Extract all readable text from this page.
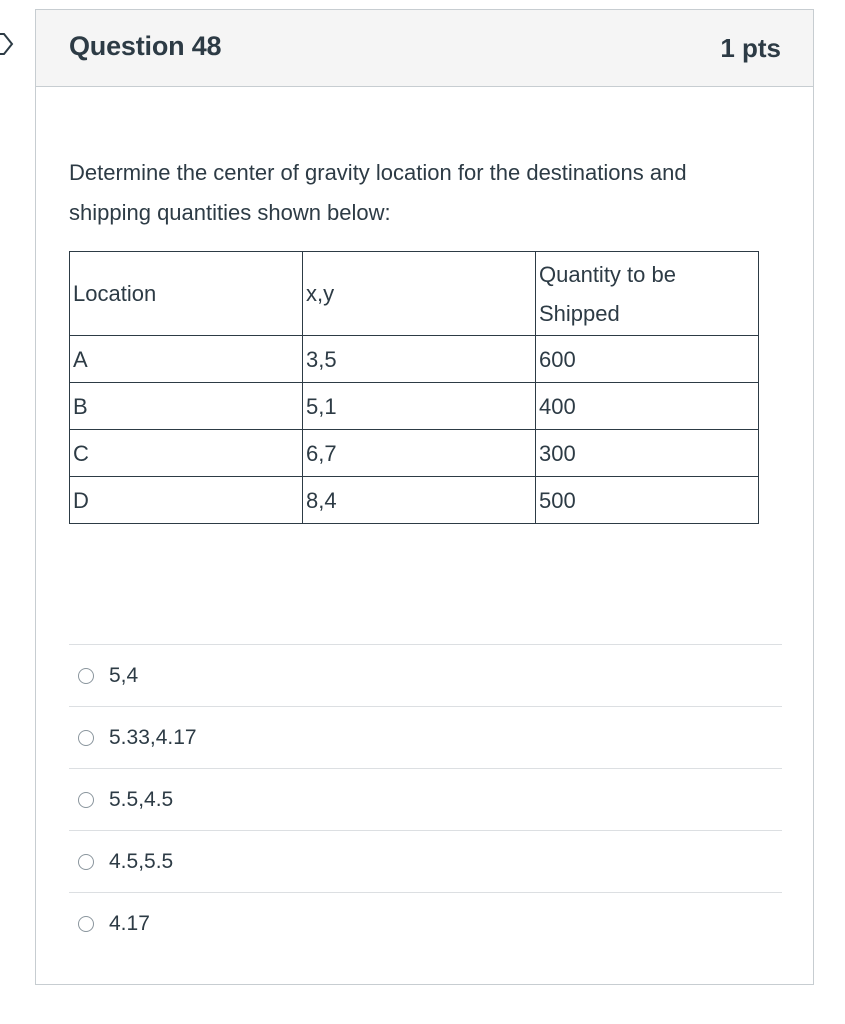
Question 48	1 pts
Determine the center of gravity location for the destinations and shipping quantities shown below:
Location	x,y	Quantity to be Shipped
A	3,5	600
B	5,1	400
C	6,7	300
D	8,4	500
5,4
5.33,4.17
5.5,4.5
4.5,5.5
4.17
